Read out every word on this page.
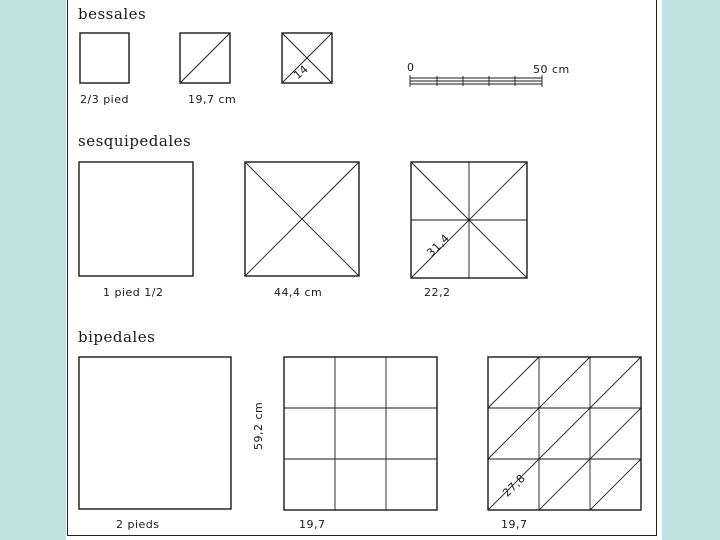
bessales
2/3 pied	19,7 cm
14	0	50 cm
sesquipedales
1 pied 1/2	44,4 cm
31,4
22,2
bipedales
2 pieds
59,2 cm
19,7
27,8
19,7
